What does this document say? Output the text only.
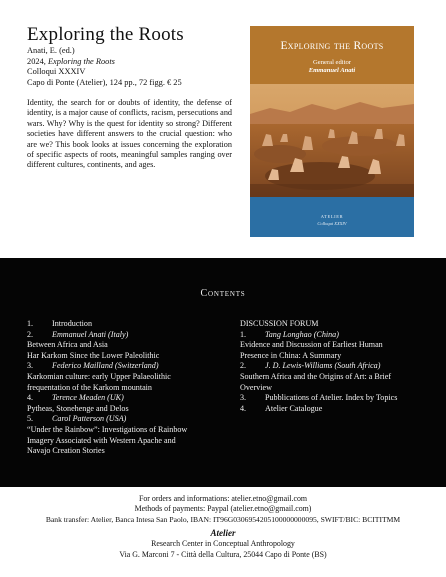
Exploring the Roots
Anati, E. (ed.)
2024, Exploring the Roots
Colloqui XXXIV
Capo di Ponte (Atelier), 124 pp., 72 figg. € 25

Identity, the search for or doubts of identity, the defense of identity, is a major cause of conflicts, racism, persecutions and wars. Why? Why is the quest for identity so strong? Different societies have different answers to the crucial question: who are we? This book looks at issues concerning the exploration of specific aspects of roots, meaningful samples ranging over different cultures, continents, and ages.

Exploring the Roots
General editor
Emmanuel Anati
ATELIER
Colloqui XXXIV
Contents
1.	Introduction
2.	Emmanuel Anati (Italy)
Between Africa and Asia
Har Karkom Since the Lower Paleolithic
3.	Federico Mailland (Switzerland)
Karkomian culture: early Upper Palaeolithic
frequentation of the Karkom mountain
4.	Terence Meaden (UK)
Pytheas, Stonehenge and Delos
5.	Carol Patterson (USA)
“Under the Rainbow”: Investigations of Rainbow
Imagery Associated with Western Apache and
Navajo Creation Stories
DISCUSSION FORUM
1.	Tang Longhao (China)
Evidence and Discussion of Earliest Human
Presence in China: A Summary
2.	J. D. Lewis-Williams (South Africa)
Southern Africa and the Origins of Art: a Brief
Overview
3.	Pubblications of Atelier. Index by Topics
4.	Atelier Catalogue
For orders and informations: atelier.etno@gmail.com
Methods of payments: Paypal (atelier.etno@gmail.com)
Bank transfer: Atelier, Banca Intesa San Paolo, IBAN: IT96G0306954205100000000095, SWIFT/BIC: BCITITMM
Atelier
Research Center in Conceptual Anthropology
Via G. Marconi 7 - Città della Cultura, 25044 Capo di Ponte (BS)
